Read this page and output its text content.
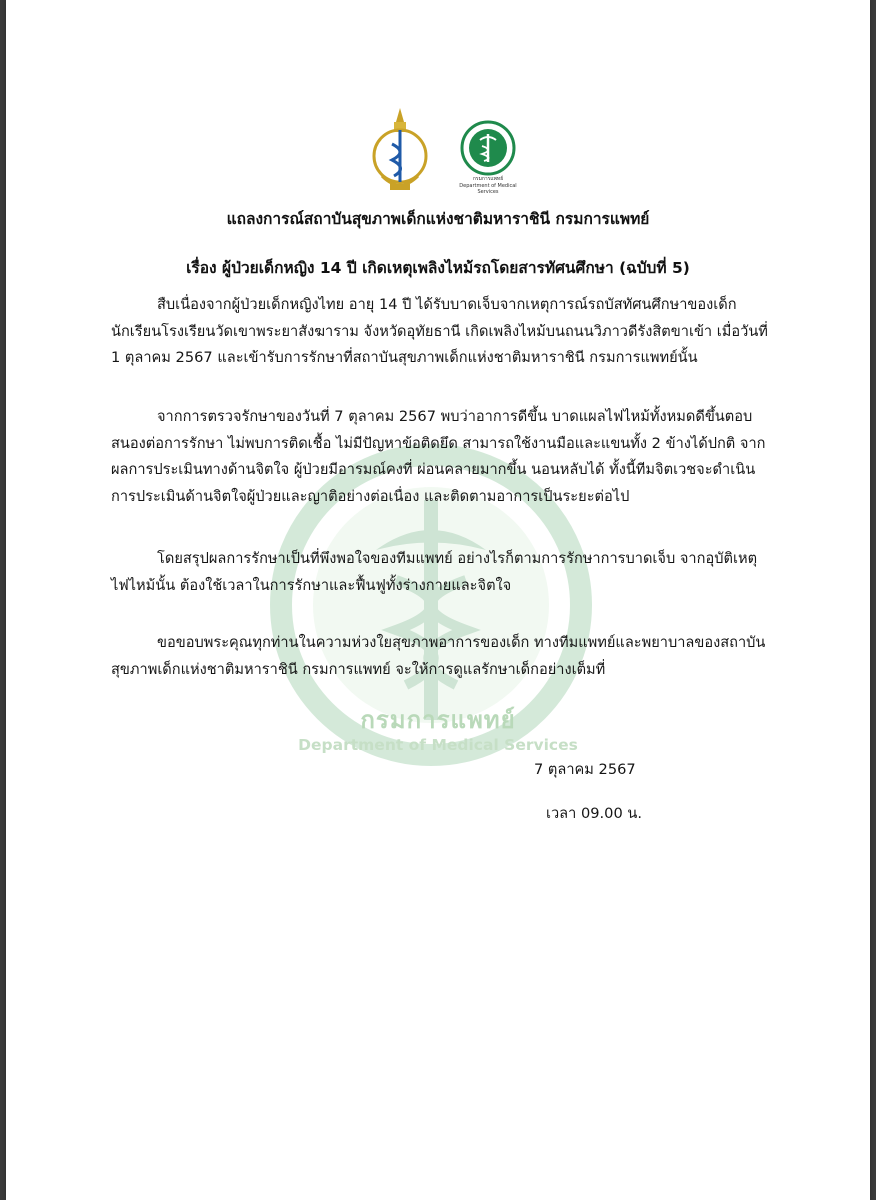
กรมการแพทย์
Department of Medical Services
กรมการแพทย์
Department of Medical Services
แถลงการณ์สถาบันสุขภาพเด็กแห่งชาติมหาราชินี กรมการแพทย์
เรื่อง ผู้ป่วยเด็กหญิง 14 ปี เกิดเหตุเพลิงไหม้รถโดยสารทัศนศึกษา (ฉบับที่ 5)

สืบเนื่องจากผู้ป่วยเด็กหญิงไทย อายุ 14 ปี ได้รับบาดเจ็บจากเหตุการณ์รถบัสทัศนศึกษาของเด็กนักเรียนโรงเรียนวัดเขาพระยาสังฆาราม จังหวัดอุทัยธานี เกิดเพลิงไหม้บนถนนวิภาวดีรังสิตขาเข้า เมื่อวันที่ 1 ตุลาคม 2567 และเข้ารับการรักษาที่สถาบันสุขภาพเด็กแห่งชาติมหาราชินี กรมการแพทย์นั้น

จากการตรวจรักษาของวันที่ 7 ตุลาคม 2567 พบว่าอาการดีขึ้น บาดแผลไฟไหม้ทั้งหมดดีขึ้นตอบสนองต่อการรักษา ไม่พบการติดเชื้อ ไม่มีปัญหาข้อติดยึด สามารถใช้งานมือและแขนทั้ง 2 ข้างได้ปกติ จากผลการประเมินทางด้านจิตใจ ผู้ป่วยมีอารมณ์คงที่ ผ่อนคลายมากขึ้น นอนหลับได้ ทั้งนี้ทีมจิตเวชจะดำเนินการประเมินด้านจิตใจผู้ป่วยและญาติอย่างต่อเนื่อง และติดตามอาการเป็นระยะต่อไป

โดยสรุปผลการรักษาเป็นที่พึงพอใจของทีมแพทย์ อย่างไรก็ตามการรักษาการบาดเจ็บ จากอุบัติเหตุไฟไหม้นั้น ต้องใช้เวลาในการรักษาและฟื้นฟูทั้งร่างกายและจิตใจ

ขอขอบพระคุณทุกท่านในความห่วงใยสุขภาพอาการของเด็ก ทางทีมแพทย์และพยาบาลของสถาบันสุขภาพเด็กแห่งชาติมหาราชินี กรมการแพทย์ จะให้การดูแลรักษาเด็กอย่างเต็มที่

7 ตุลาคม 2567
เวลา 09.00 น.
